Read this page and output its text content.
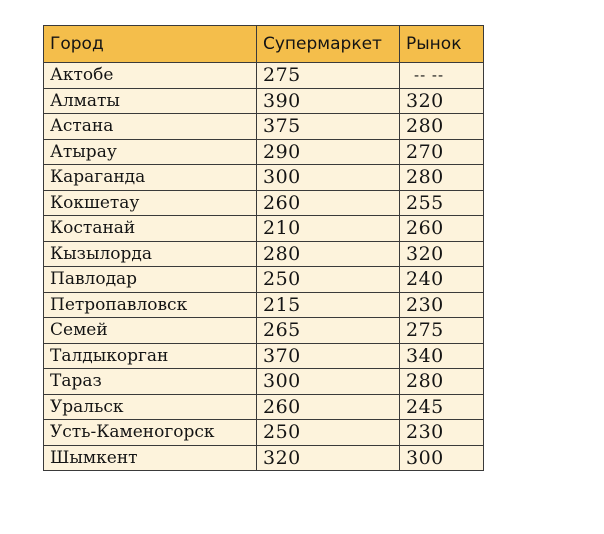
Город	Супермаркет	Рынок
Актобе	275	-- --
Алматы	390	320
Астана	375	280
Атырау	290	270
Караганда	300	280
Кокшетау	260	255
Костанай	210	260
Кызылорда	280	320
Павлодар	250	240
Петропавловск	215	230
Семей	265	275
Талдыкорган	370	340
Тараз	300	280
Уральск	260	245
Усть-Каменогорск	250	230
Шымкент	320	300
